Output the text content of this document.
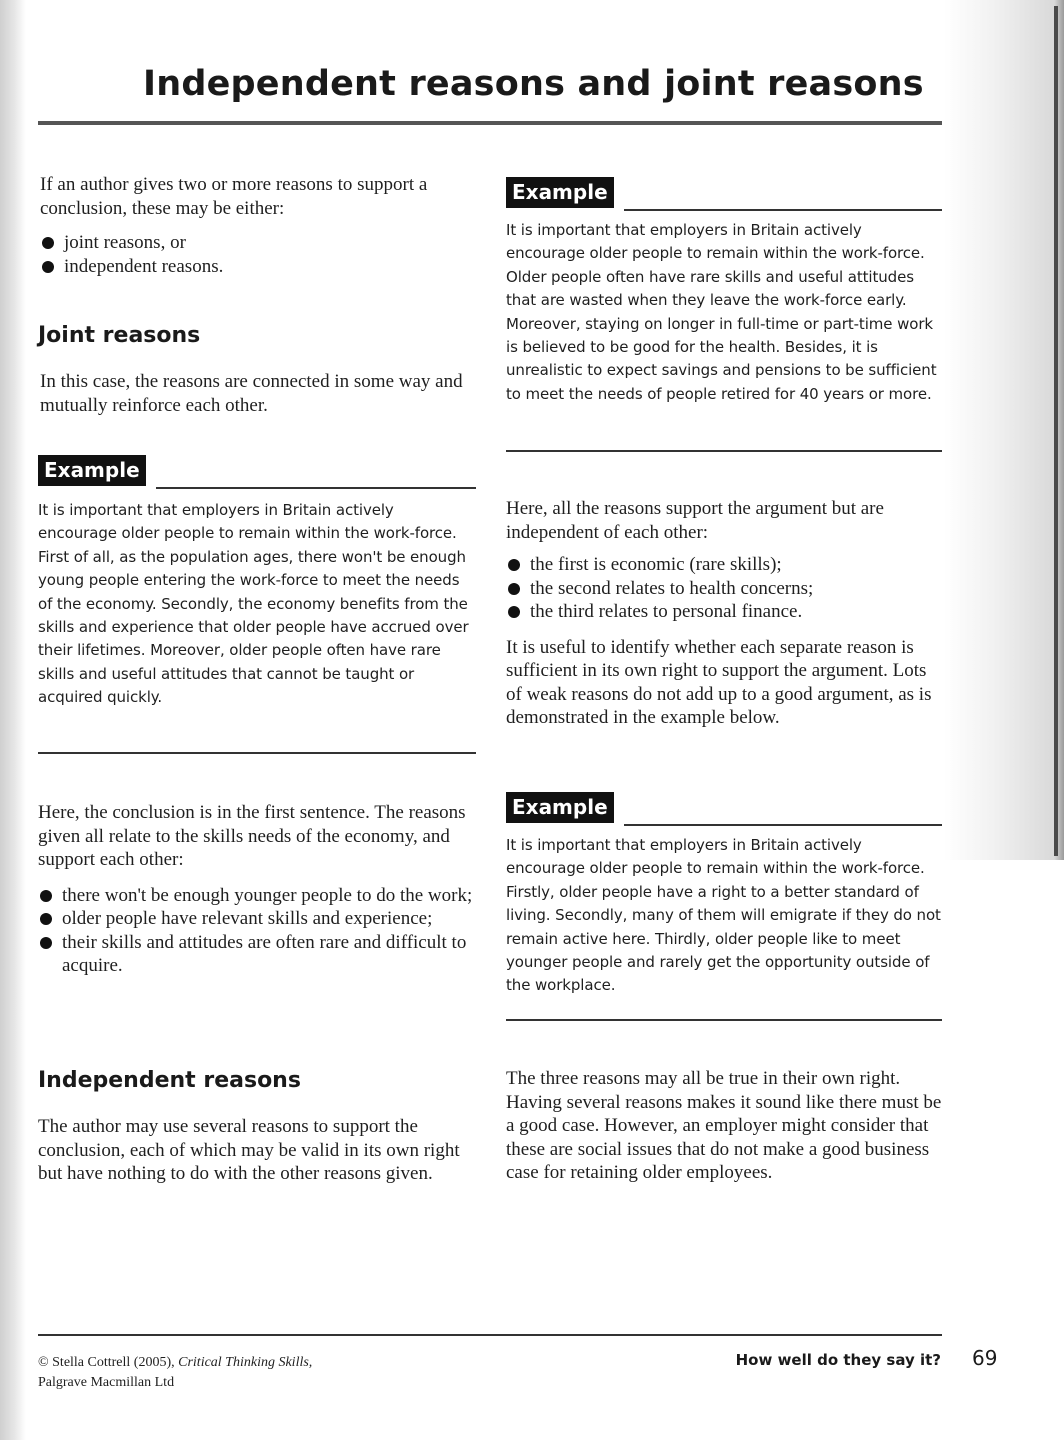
Independent reasons and joint reasons

If an author gives two or more reasons to support a conclusion, these may be either:

joint reasons, or
independent reasons.
Joint reasons

In this case, the reasons are connected in some way and mutually reinforce each other.

Example

It is important that employers in Britain actively encourage older people to remain within the work-force. First of all, as the population ages, there won't be enough young people entering the work-force to meet the needs of the economy. Secondly, the economy benefits from the skills and experience that older people have accrued over their lifetimes. Moreover, older people often have rare skills and useful attitudes that cannot be taught or acquired quickly.

Here, the conclusion is in the first sentence. The reasons given all relate to the skills needs of the economy, and support each other:

there won't be enough younger people to do the work;
older people have relevant skills and experience;
their skills and attitudes are often rare and difficult to acquire.
Independent reasons

The author may use several reasons to support the conclusion, each of which may be valid in its own right but have nothing to do with the other reasons given.

Example

It is important that employers in Britain actively encourage older people to remain within the work-force. Older people often have rare skills and useful attitudes that are wasted when they leave the work-force early. Moreover, staying on longer in full-time or part-time work is believed to be good for the health. Besides, it is unrealistic to expect savings and pensions to be sufficient to meet the needs of people retired for 40 years or more.

Here, all the reasons support the argument but are independent of each other:

the first is economic (rare skills);
the second relates to health concerns;
the third relates to personal finance.

It is useful to identify whether each separate reason is sufficient in its own right to support the argument. Lots of weak reasons do not add up to a good argument, as is demonstrated in the example below.

Example

It is important that employers in Britain actively encourage older people to remain within the work-force. Firstly, older people have a right to a better standard of living. Secondly, many of them will emigrate if they do not remain active here. Thirdly, older people like to meet younger people and rarely get the opportunity outside of the workplace.

The three reasons may all be true in their own right. Having several reasons makes it sound like there must be a good case. However, an employer might consider that these are social issues that do not make a good business case for retaining older employees.

© Stella Cottrell (2005), Critical Thinking Skills,
Palgrave Macmillan Ltd

How well do they say it? 69
